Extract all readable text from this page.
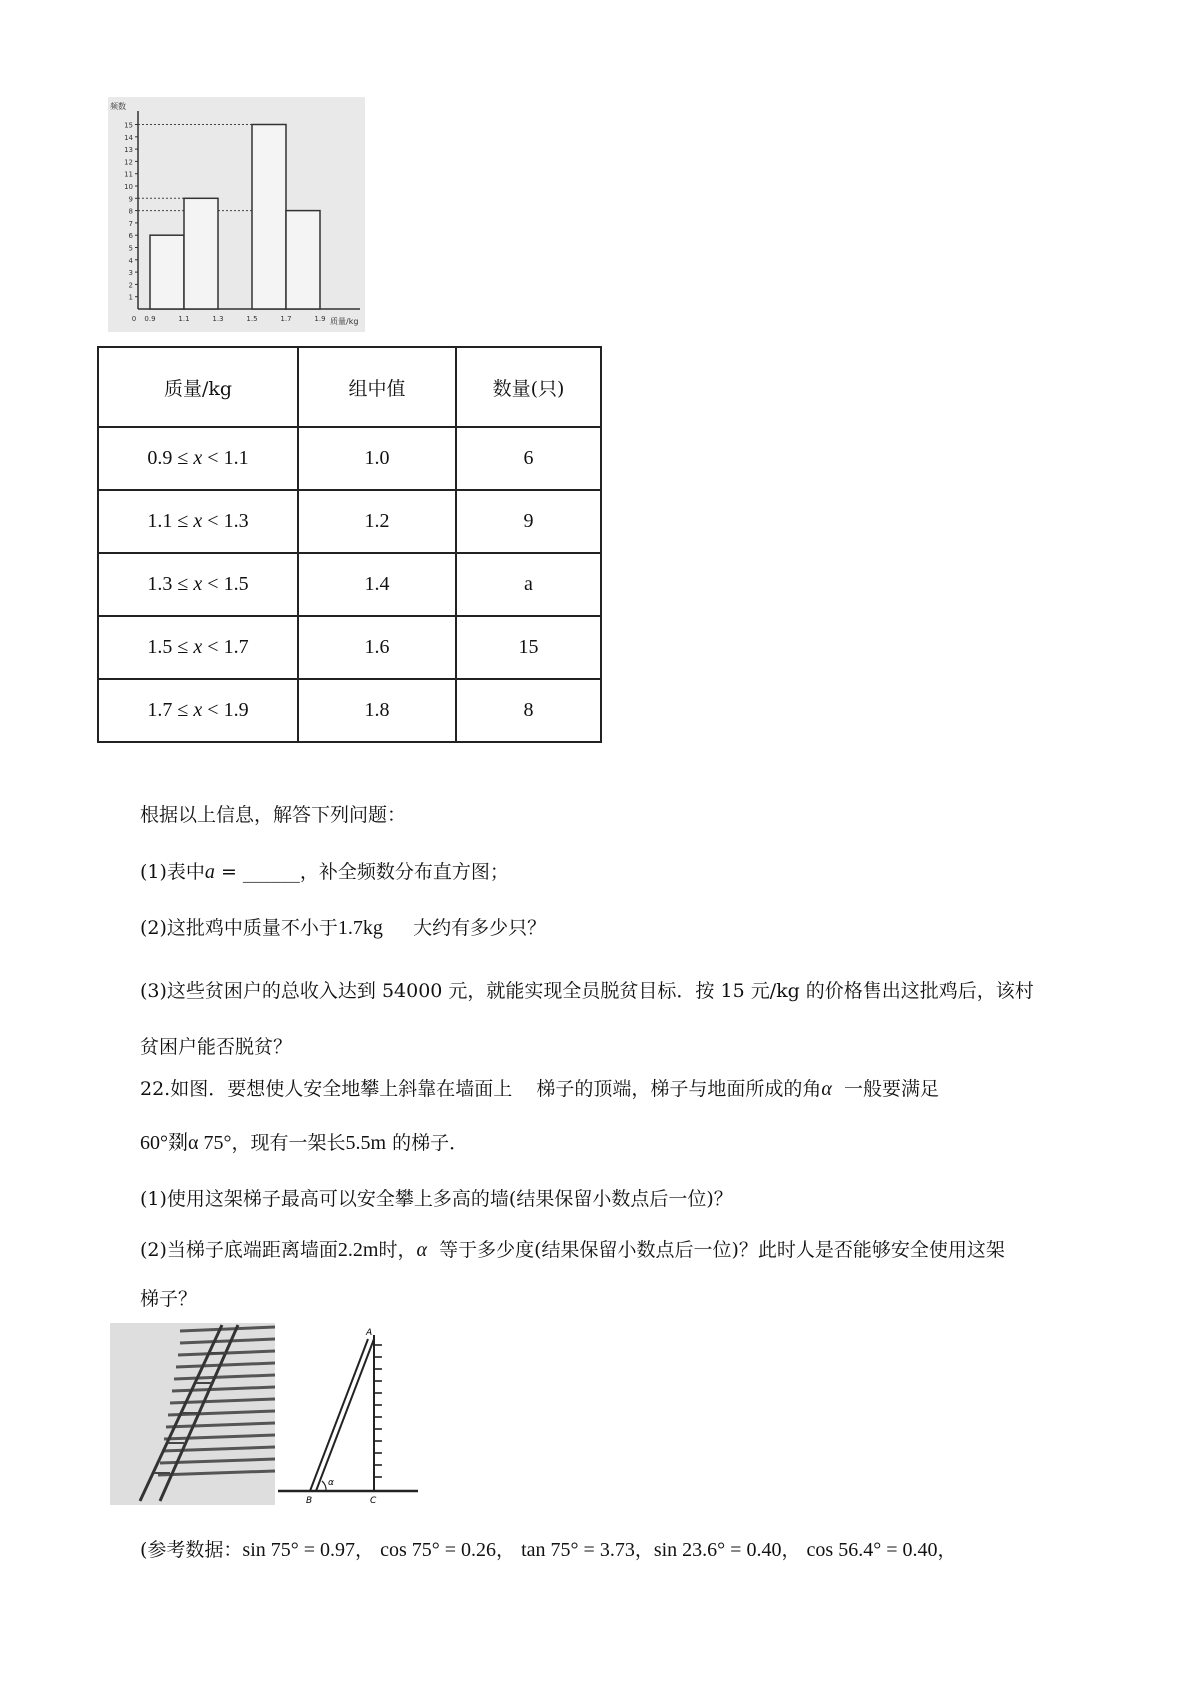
1
2
3
4
5
6
7
8
9
10
11
12
13
14
15
频数
质量/kg
0 0.9	1.1	1.3	1.5	1.7	1.9
质量/kg	组中值	数量(只)
0.9 ≤ x < 1.1	1.0	6
1.1 ≤ x < 1.3	1.2	9
1.3 ≤ x < 1.5	1.4	a
1.5 ≤ x < 1.7	1.6	15
1.7 ≤ x < 1.9	1.8	8
根据以上信息，解答下列问题：
(1)表中a = ______，补全频数分布直方图；
(2)这批鸡中质量不小于1.7kg 大约有多少只？
(3)这些贫困户的总收入达到 54000 元，就能实现全员脱贫目标．按 15 元/kg 的价格售出这批鸡后，该村
贫困户能否脱贫？
22.如图．要想使人安全地攀上斜靠在墙面上 梯子的顶端，梯子与地面所成的角α 一般要满足
60°剟α 75°，现有一架长5.5m 的梯子．
(1)使用这架梯子最高可以安全攀上多高的墙(结果保留小数点后一位)？
(2)当梯子底端距离墙面2.2m时，α 等于多少度(结果保留小数点后一位)？此时人是否能够安全使用这架
梯子？
A
B	C
α
(参考数据：sin 75° = 0.97， cos 75° = 0.26， tan 75° = 3.73，sin 23.6° = 0.40， cos 56.4° = 0.40，
